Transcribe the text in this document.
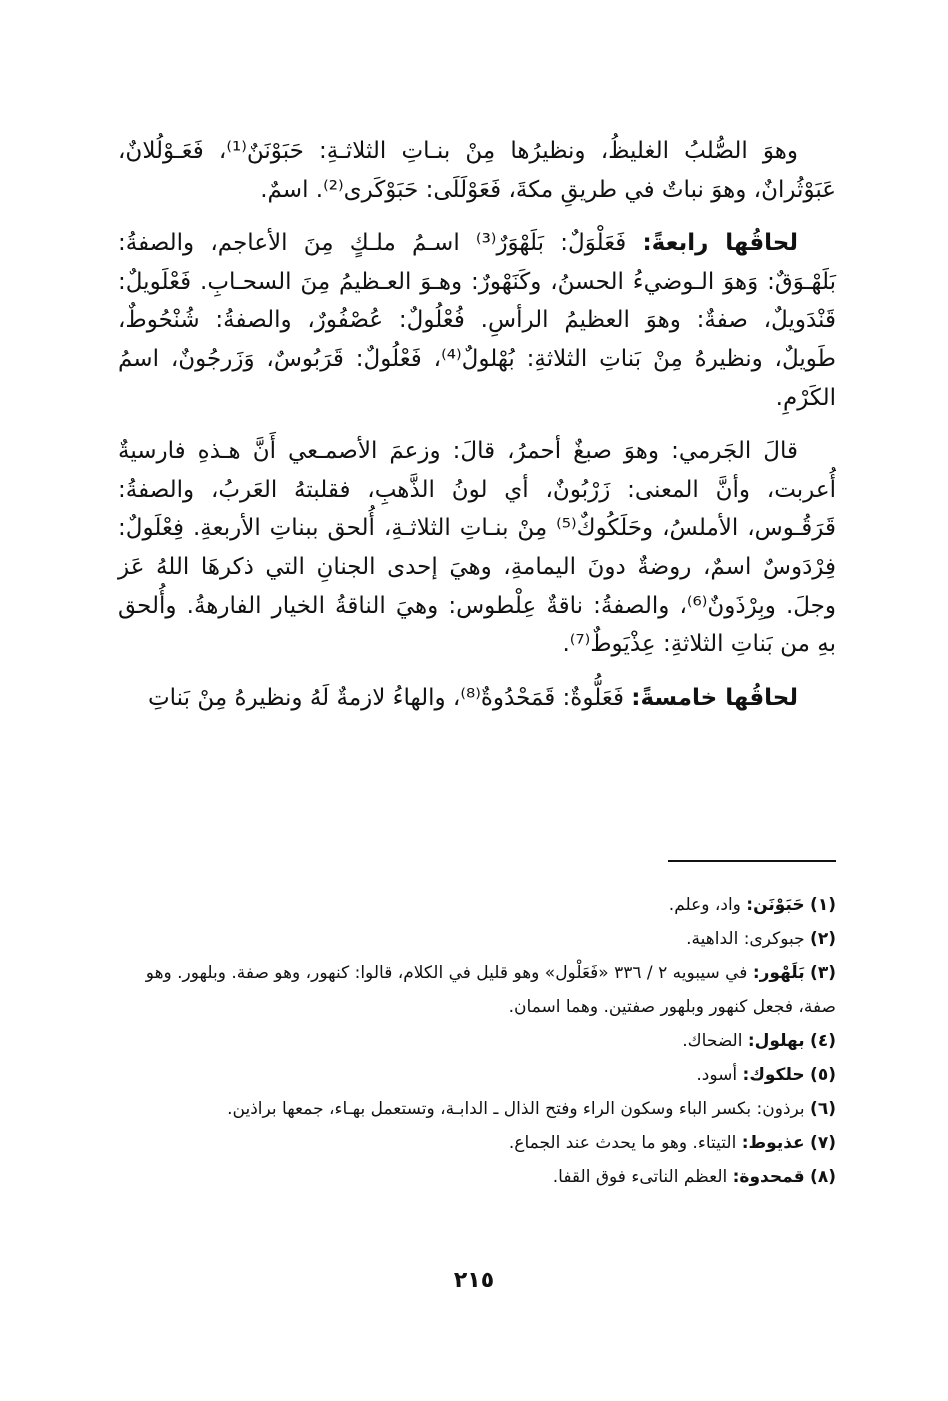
وهوَ الصُّلبُ الغليظُ، ونظيرُها مِنْ بنـاتِ الثلاثـةِ: حَبَوْنَنٌ⁽¹⁾، فَعَـوْلُلانٌ، عَبَوْثُرانٌ، وهوَ نباتٌ في طريقِ مكةَ، فَعَوْلَلَى: حَبَوْكَرى⁽²⁾. اسمٌ.

لحاقُها رابعةً: فَعَلْوَلٌ: بَلَهْوَرٌ⁽³⁾ اسـمُ ملـكٍ مِنَ الأعاجم، والصفةُ: بَلَهْـوَقٌ: وَهوَ الـوضيءُ الحسنُ، وكَنَهْورٌ: وهـوَ العـظيمُ مِنَ السحـابِ. فَعْلَويلٌ: قَنْدَويلٌ، صفةٌ: وهوَ العظيمُ الرأسِ. فُعْلُولٌ: عُصْفُورٌ، والصفةُ: شُنْحُوطٌ، طَويلٌ، ونظيرهُ مِنْ بَناتِ الثلاثةِ: بُهْلولٌ⁽⁴⁾، فَعْلُولٌ: قَرَبُوسٌ، وَزَرجُونٌ، اسمُ الكَرْمِ.

قالَ الجَرمي: وهوَ صبغٌ أحمرُ، قالَ: وزعمَ الأصمـعي أَنَّ هـذهِ فارسيةٌ أُعربت، وأنَّ المعنى: زَرْبُونٌ، أي لونُ الذَّهبِ، فقلبتهُ العَربُ، والصفةُ: قَرَقُـوس، الأملسُ، وحَلَكُوكٌ⁽⁵⁾ مِنْ بنـاتِ الثلاثـةِ، أُلحق ببناتِ الأربعةِ. فِعْلَولٌ: فِرْدَوسٌ اسمٌ، روضةٌ دونَ اليمامةِ، وهيَ إحدى الجنانِ التي ذكرهَا اللهُ عَز وجلَ. وبِرْذَونٌ⁽⁶⁾، والصفةُ: ناقةٌ عِلْطوس: وهيَ الناقةُ الخيار الفارهةُ. وأُلحق بهِ من بَناتِ الثلاثةِ: عِذْيَوطٌ⁽⁷⁾.

لحاقُها خامسةً: فَعَلُّوةٌ: قَمَحْدُوةٌ⁽⁸⁾، والهاءُ لازمةٌ لَهُ ونظيرهُ مِنْ بَناتِ

(١) حَبَوْنَن: واد، وعلم.

(٢) جبوكرى: الداهية.

(٣) بَلَهْور: في سيبويه ٢ / ٣٣٦ «فَعَلْول» وهو قليل في الكلام، قالوا: كنهور، وهو صفة. وبلهور. وهو صفة، فجعل كنهور وبلهور صفتين. وهما اسمان.

(٤) بهلول: الضحاك.

(٥) حلكوك: أسود.

(٦) برذون: بكسر الباء وسكون الراء وفتح الذال ـ الدابـة، وتستعمل بهـاء، جمعها براذين.

(٧) عذيوط: التيتاء. وهو ما يحدث عند الجماع.

(٨) قمحدوة: العظم الناتىء فوق القفا.

٢١٥
